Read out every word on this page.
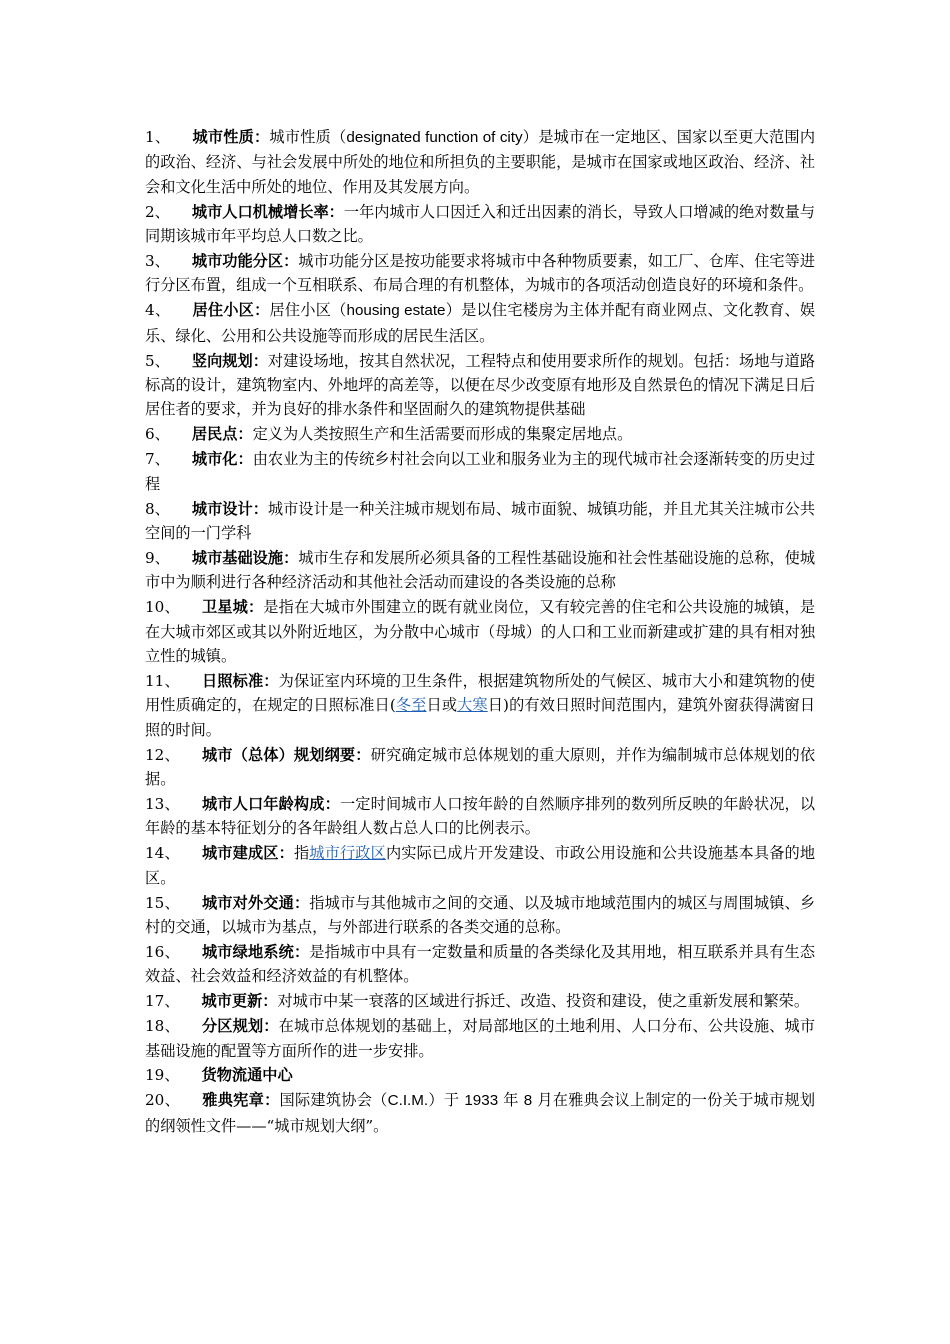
1、 城市性质：城市性质（designated function of city）是城市在一定地区、国家以至更大范围内的政治、经济、与社会发展中所处的地位和所担负的主要职能，是城市在国家或地区政治、经济、社会和文化生活中所处的地位、作用及其发展方向。

2、 城市人口机械增长率：一年内城市人口因迁入和迁出因素的消长，导致人口增减的绝对数量与同期该城市年平均总人口数之比。

3、 城市功能分区：城市功能分区是按功能要求将城市中各种物质要素，如工厂、仓库、住宅等进行分区布置，组成一个互相联系、布局合理的有机整体，为城市的各项活动创造良好的环境和条件。

4、 居住小区：居住小区（housing estate）是以住宅楼房为主体并配有商业网点、文化教育、娱乐、绿化、公用和公共设施等而形成的居民生活区。

5、 竖向规划：对建设场地，按其自然状况，工程特点和使用要求所作的规划。包括：场地与道路标高的设计，建筑物室内、外地坪的高差等，以便在尽少改变原有地形及自然景色的情况下满足日后居住者的要求，并为良好的排水条件和坚固耐久的建筑物提供基础

6、 居民点：定义为人类按照生产和生活需要而形成的集聚定居地点。

7、 城市化：由农业为主的传统乡村社会向以工业和服务业为主的现代城市社会逐渐转变的历史过程

8、 城市设计：城市设计是一种关注城市规划布局、城市面貌、城镇功能，并且尤其关注城市公共空间的一门学科

9、 城市基础设施：城市生存和发展所必须具备的工程性基础设施和社会性基础设施的总称，使城市中为顺利进行各种经济活动和其他社会活动而建设的各类设施的总称

10、 卫星城：是指在大城市外围建立的既有就业岗位，又有较完善的住宅和公共设施的城镇，是在大城市郊区或其以外附近地区，为分散中心城市（母城）的人口和工业而新建或扩建的具有相对独立性的城镇。

11、 日照标准：为保证室内环境的卫生条件，根据建筑物所处的气候区、城市大小和建筑物的使用性质确定的，在规定的日照标准日(冬至日或大寒日)的有效日照时间范围内，建筑外窗获得满窗日照的时间。

12、 城市（总体）规划纲要：研究确定城市总体规划的重大原则，并作为编制城市总体规划的依据。

13、 城市人口年龄构成：一定时间城市人口按年龄的自然顺序排列的数列所反映的年龄状况，以年龄的基本特征划分的各年龄组人数占总人口的比例表示。

14、 城市建成区：指城市行政区内实际已成片开发建设、市政公用设施和公共设施基本具备的地区。

15、 城市对外交通：指城市与其他城市之间的交通、以及城市地域范围内的城区与周围城镇、乡村的交通，以城市为基点，与外部进行联系的各类交通的总称。

16、 城市绿地系统：是指城市中具有一定数量和质量的各类绿化及其用地，相互联系并具有生态效益、社会效益和经济效益的有机整体。

17、 城市更新：对城市中某一衰落的区域进行拆迁、改造、投资和建设，使之重新发展和繁荣。

18、 分区规划：在城市总体规划的基础上，对局部地区的土地利用、人口分布、公共设施、城市基础设施的配置等方面所作的进一步安排。

19、 货物流通中心

20、 雅典宪章：国际建筑协会（C.I.M.）于 1933 年 8 月在雅典会议上制定的一份关于城市规划的纲领性文件——“城市规划大纲”。
